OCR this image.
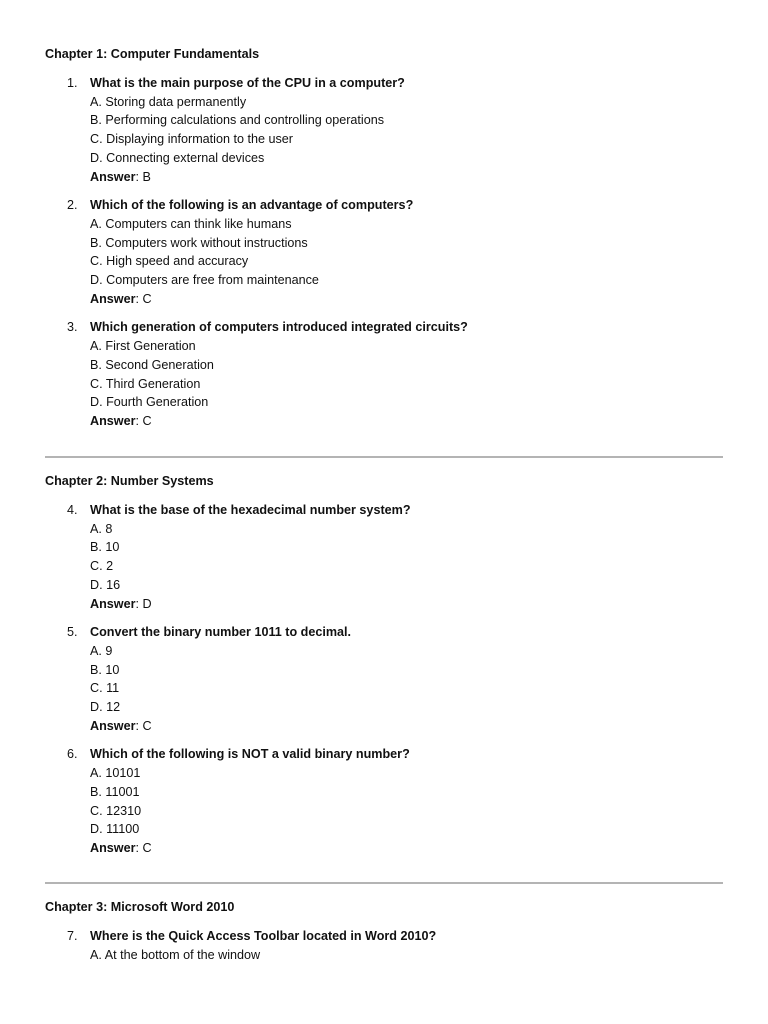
Chapter 1: Computer Fundamentals
1. What is the main purpose of the CPU in a computer?
A. Storing data permanently
B. Performing calculations and controlling operations
C. Displaying information to the user
D. Connecting external devices
Answer: B
2. Which of the following is an advantage of computers?
A. Computers can think like humans
B. Computers work without instructions
C. High speed and accuracy
D. Computers are free from maintenance
Answer: C
3. Which generation of computers introduced integrated circuits?
A. First Generation
B. Second Generation
C. Third Generation
D. Fourth Generation
Answer: C
Chapter 2: Number Systems
4. What is the base of the hexadecimal number system?
A. 8
B. 10
C. 2
D. 16
Answer: D
5. Convert the binary number 1011 to decimal.
A. 9
B. 10
C. 11
D. 12
Answer: C
6. Which of the following is NOT a valid binary number?
A. 10101
B. 11001
C. 12310
D. 11100
Answer: C
Chapter 3: Microsoft Word 2010
7. Where is the Quick Access Toolbar located in Word 2010?
A. At the bottom of the window
